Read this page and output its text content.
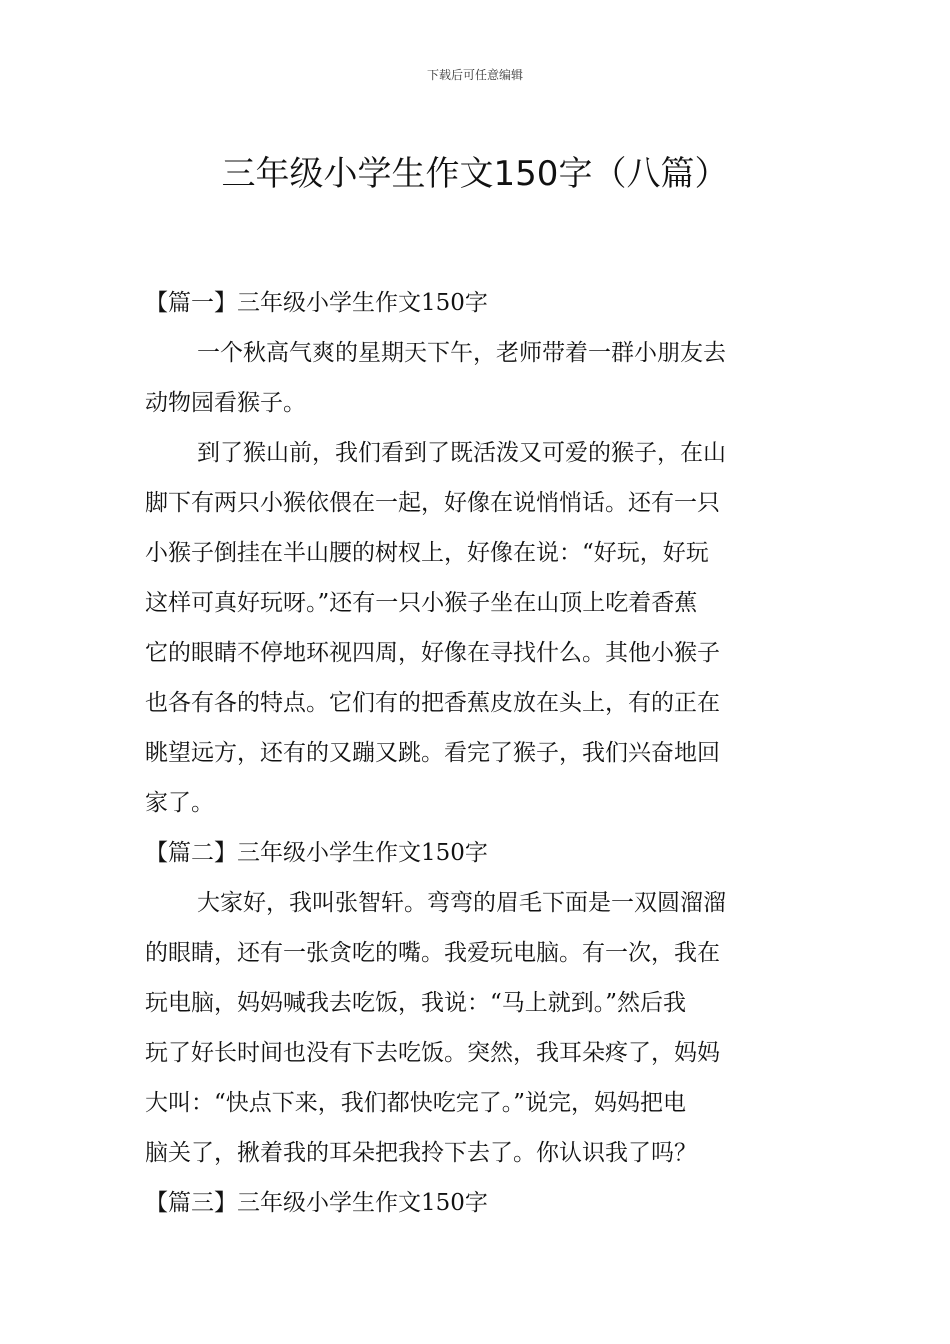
下载后可任意编辑
三年级小学生作文150字（八篇）
【篇一】三年级小学生作文150字
一个秋高气爽的星期天下午，老师带着一群小朋友去
动物园看猴子。
到了猴山前，我们看到了既活泼又可爱的猴子，在山
脚下有两只小猴依偎在一起，好像在说悄悄话。还有一只
小猴子倒挂在半山腰的树杈上，好像在说：“好玩，好玩
这样可真好玩呀。”还有一只小猴子坐在山顶上吃着香蕉
它的眼睛不停地环视四周，好像在寻找什么。其他小猴子
也各有各的特点。它们有的把香蕉皮放在头上，有的正在
眺望远方，还有的又蹦又跳。看完了猴子，我们兴奋地回
家了。
【篇二】三年级小学生作文150字
大家好，我叫张智轩。弯弯的眉毛下面是一双圆溜溜
的眼睛，还有一张贪吃的嘴。我爱玩电脑。有一次，我在
玩电脑，妈妈喊我去吃饭，我说：“马上就到。”然后我
玩了好长时间也没有下去吃饭。突然，我耳朵疼了，妈妈
大叫：“快点下来，我们都快吃完了。”说完，妈妈把电
脑关了，揪着我的耳朵把我拎下去了。你认识我了吗？
【篇三】三年级小学生作文150字
